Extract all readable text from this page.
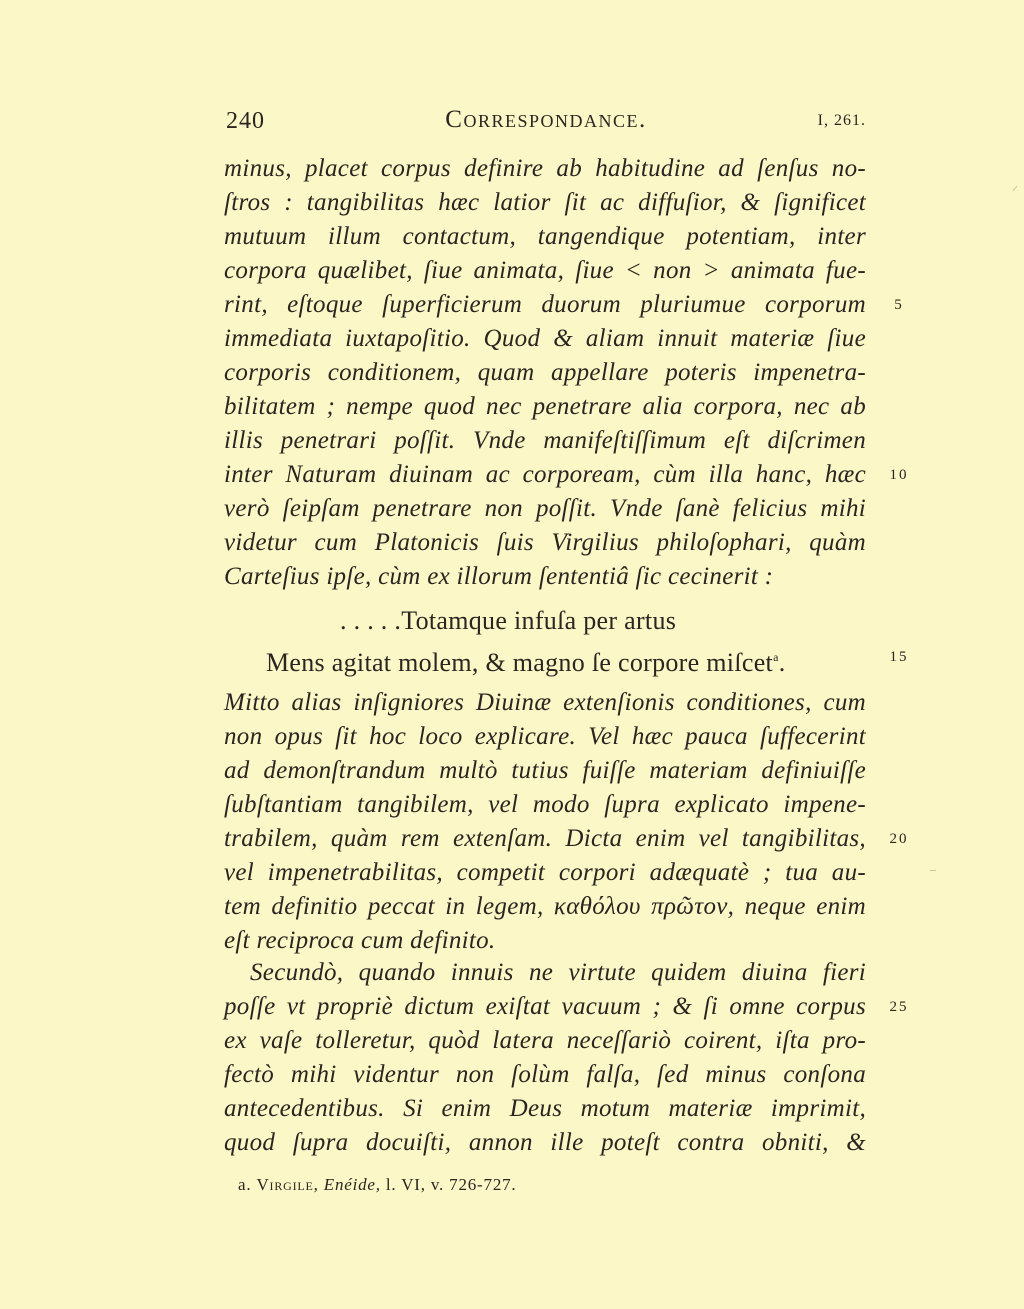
240	Correspondance.	I, 261.
minus, placet corpus definire ab habitudine ad ſenſus no-
ſtros : tangibilitas hæc latior ſit ac diffuſior, & ſignificet
mutuum illum contactum, tangendique potentiam, inter
corpora quælibet, ſiue animata, ſiue < non > animata fue-
rint, eſtoque ſuperficierum duorum pluriumue corporum
immediata iuxtapoſitio. Quod & aliam innuit materiæ ſiue
corporis conditionem, quam appellare poteris impenetra-
bilitatem ; nempe quod nec penetrare alia corpora, nec ab
illis penetrari poſſit. Vnde manifeſtiſſimum eſt diſcrimen
inter Naturam diuinam ac corpoream, cùm illa hanc, hæc
verò ſeipſam penetrare non poſſit. Vnde ſanè felicius mihi
videtur cum Platonicis ſuis Virgilius philoſophari, quàm
Carteſius ipſe, cùm ex illorum ſententiâ ſic cecinerit :
. . . . .Totamque infuſa per artus
Mens agitat molem, & magno ſe corpore miſcet$^a$.
Mitto alias inſigniores Diuinæ extenſionis conditiones, cum
non opus ſit hoc loco explicare. Vel hæc pauca ſuffecerint
ad demonſtrandum multò tutius fuiſſe materiam definiuiſſe
ſubſtantiam tangibilem, vel modo ſupra explicato impene-
trabilem, quàm rem extenſam. Dicta enim vel tangibilitas,
vel impenetrabilitas, competit corpori adæquatè ; tua au-
tem definitio peccat in legem, καθόλου πρῶτον, neque enim
eſt reciproca cum definito.
Secundò, quando innuis ne virtute quidem diuina fieri
poſſe vt propriè dictum exiſtat vacuum ; & ſi omne corpus
ex vaſe tolleretur, quòd latera neceſſariò coirent, iſta pro-
fectò mihi videntur non ſolùm falſa, ſed minus conſona
antecedentibus. Si enim Deus motum materiæ imprimit,
quod ſupra docuiſti, annon ille poteſt contra obniti, &
5
10
15
20
25
a. Virgile, Enéide, l. VI, v. 726-727.
